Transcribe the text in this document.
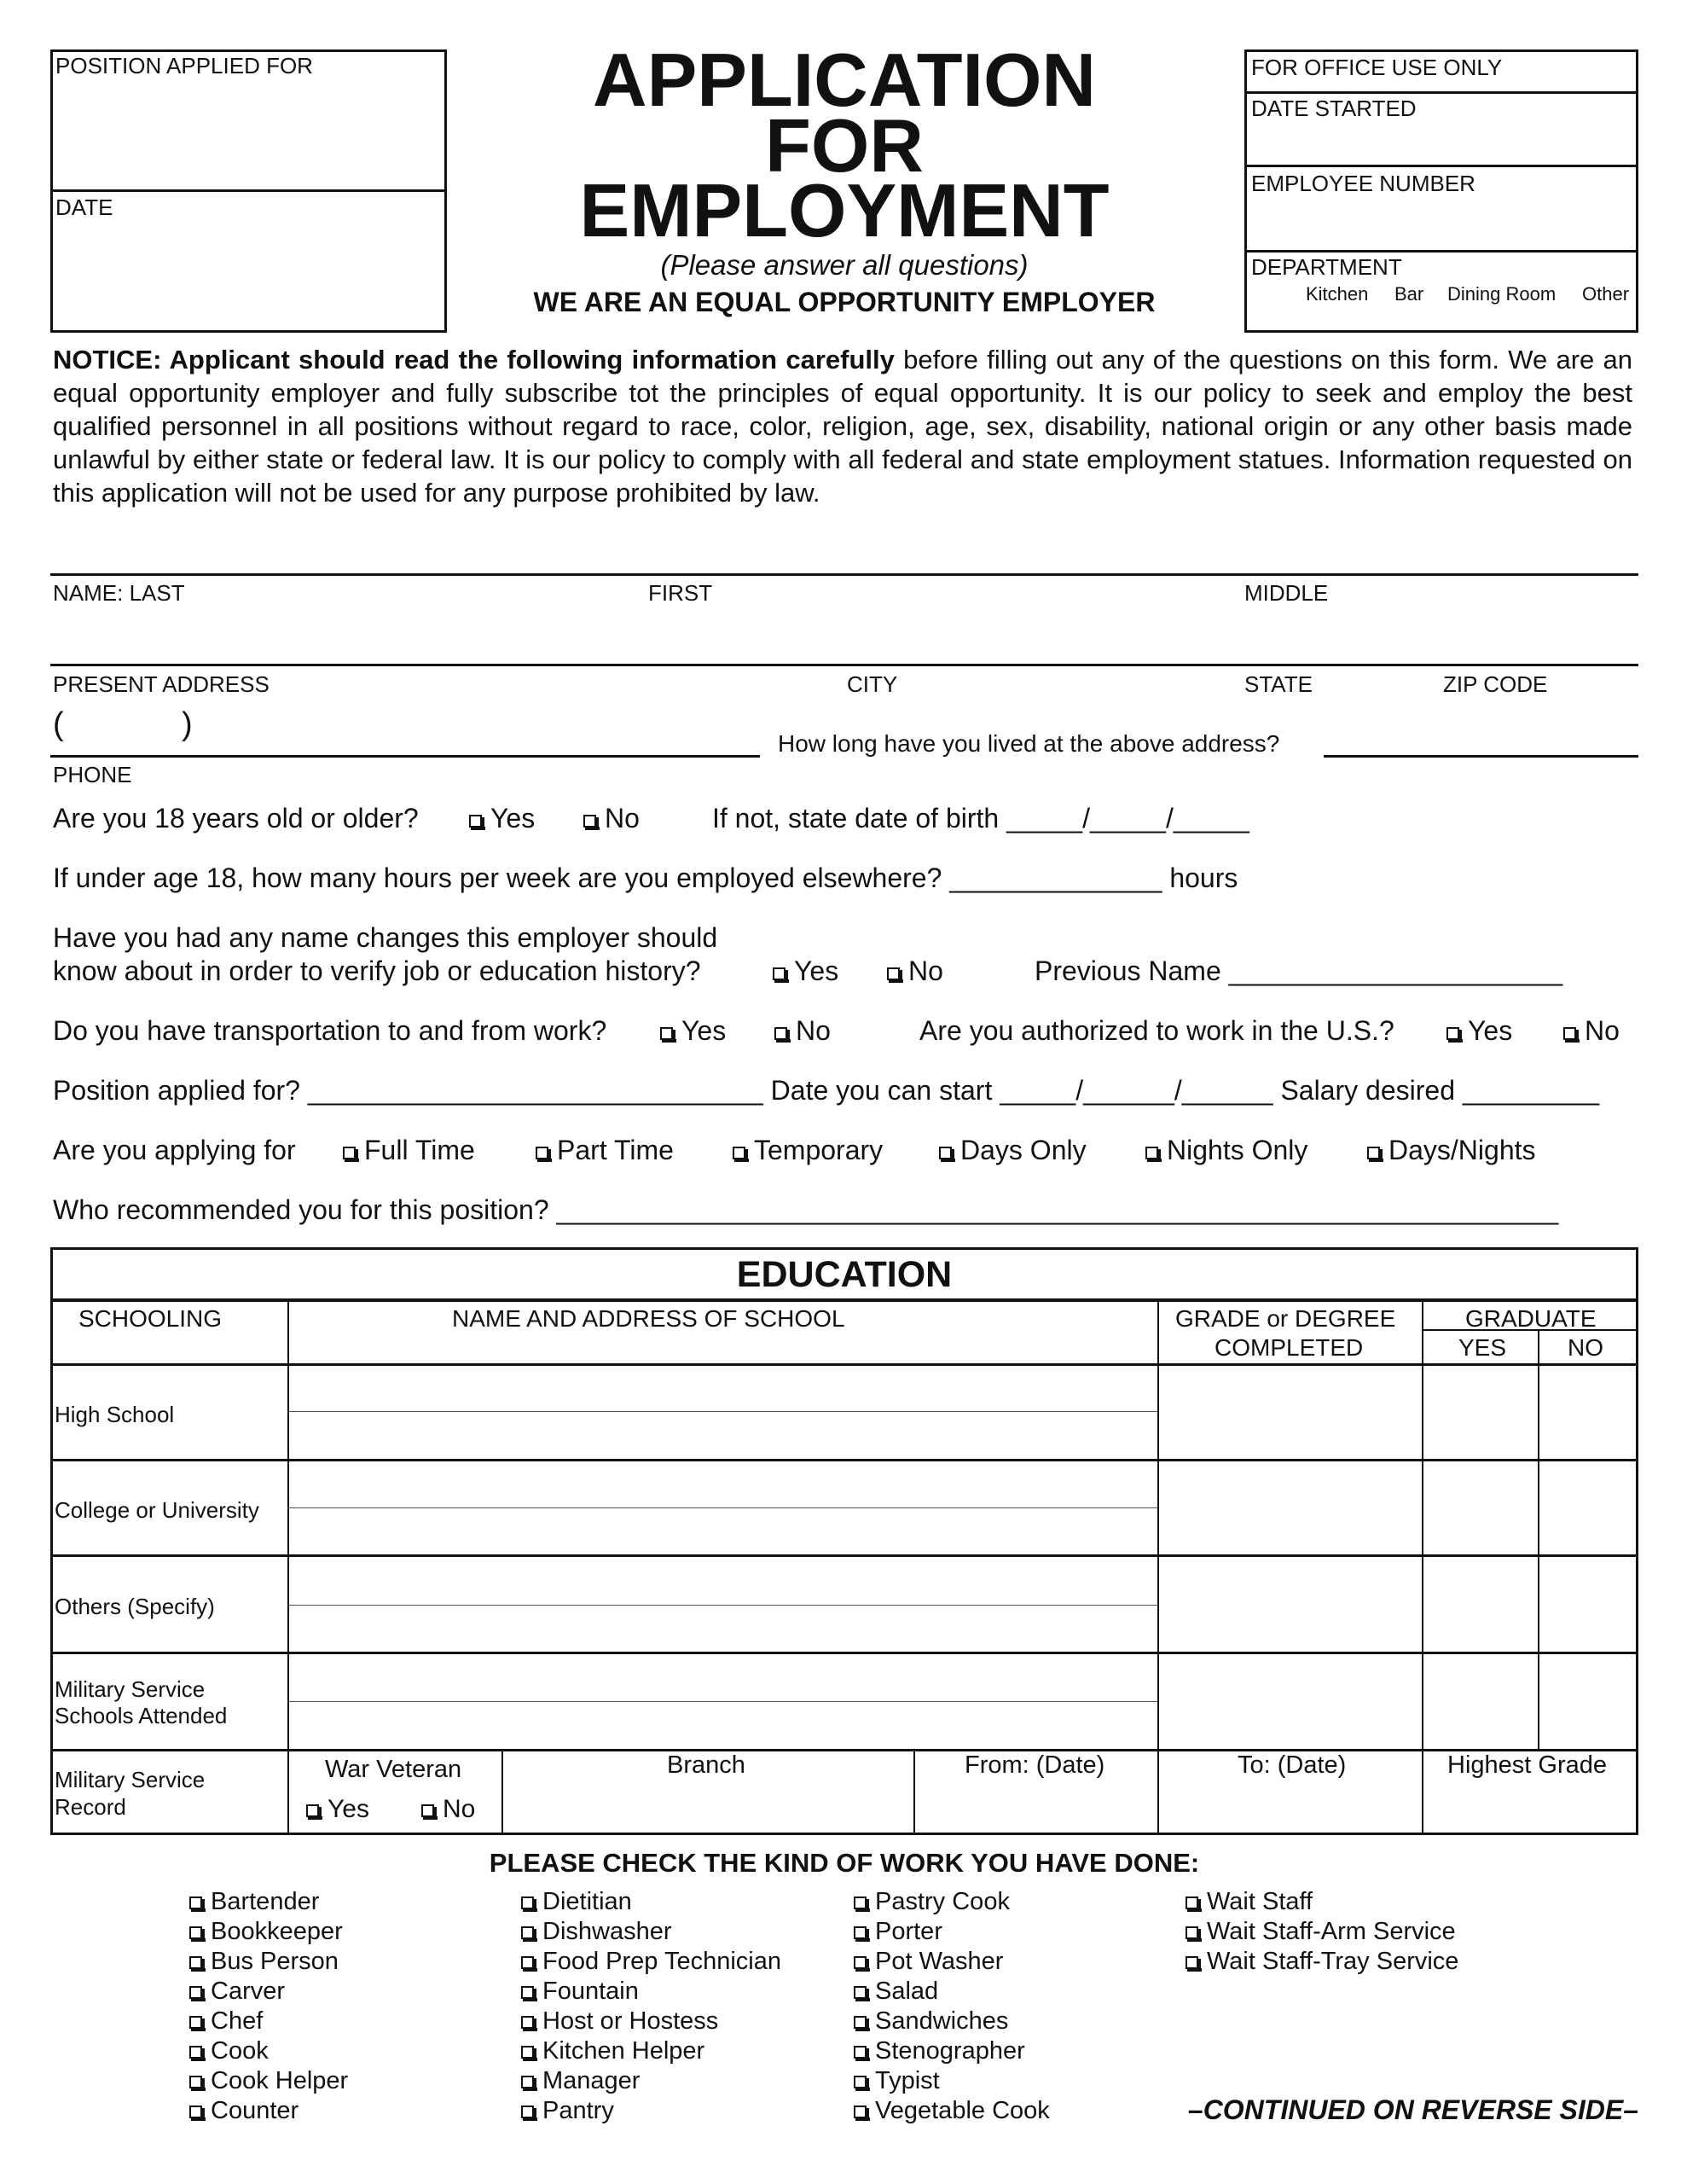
POSITION APPLIED FOR
DATE
APPLICATION
FOR
EMPLOYMENT
(Please answer all questions)
WE ARE AN EQUAL OPPORTUNITY EMPLOYER
FOR OFFICE USE ONLY
DATE STARTED
EMPLOYEE NUMBER
DEPARTMENT
Kitchen Bar Dining Room Other
NOTICE: Applicant should read the following information carefully before filling out any of the questions on this form. We are an equal opportunity employer and fully subscribe tot the principles of equal opportunity. It is our policy to seek and employ the best qualified personnel in all positions without regard to race, color, religion, age, sex, disability, national origin or any other basis made unlawful by either state or federal law. It is our policy to comply with all federal and state employment statues. Information requested on this application will not be used for any purpose prohibited by law.
NAME: LAST	FIRST	MIDDLE
PRESENT ADDRESS	CITY	STATE	ZIP CODE
(	)
PHONE
How long have you lived at the above address?
Are you 18 years old or older?	Yes	No	If not, state date of birth _____/_____/_____
If under age 18, how many hours per week are you employed elsewhere? ______________ hours
Have you had any name changes this employer should
know about in order to verify job or education history?	Yes	No	Previous Name ______________________
Do you have transportation to and from work?	Yes	No	Are you authorized to work in the U.S.?	Yes	No
Position applied for? ______________________________ Date you can start _____/______/______ Salary desired _________
Are you applying for	Full Time	Part Time	Temporary	Days Only	Nights Only	Days/Nights
Who recommended you for this position? __________________________________________________________________
EDUCATION
SCHOOLING	NAME AND ADDRESS OF SCHOOL	GRADE or DEGREE
COMPLETED
GRADUATE
YES	NO
High School
College or University
Others (Specify)
Military Service
Schools Attended
Military Service
Record
War Veteran
Yes	No
Branch	From: (Date)	To: (Date)	Highest Grade
PLEASE CHECK THE KIND OF WORK YOU HAVE DONE:
Bartender
Bookkeeper
Bus Person
Carver
Chef
Cook
Cook Helper
Counter
Dietitian
Dishwasher
Food Prep Technician
Fountain
Host or Hostess
Kitchen Helper
Manager
Pantry
Pastry Cook
Porter
Pot Washer
Salad
Sandwiches
Stenographer
Typist
Vegetable Cook
Wait Staff
Wait Staff-Arm Service
Wait Staff-Tray Service
–CONTINUED ON REVERSE SIDE–
